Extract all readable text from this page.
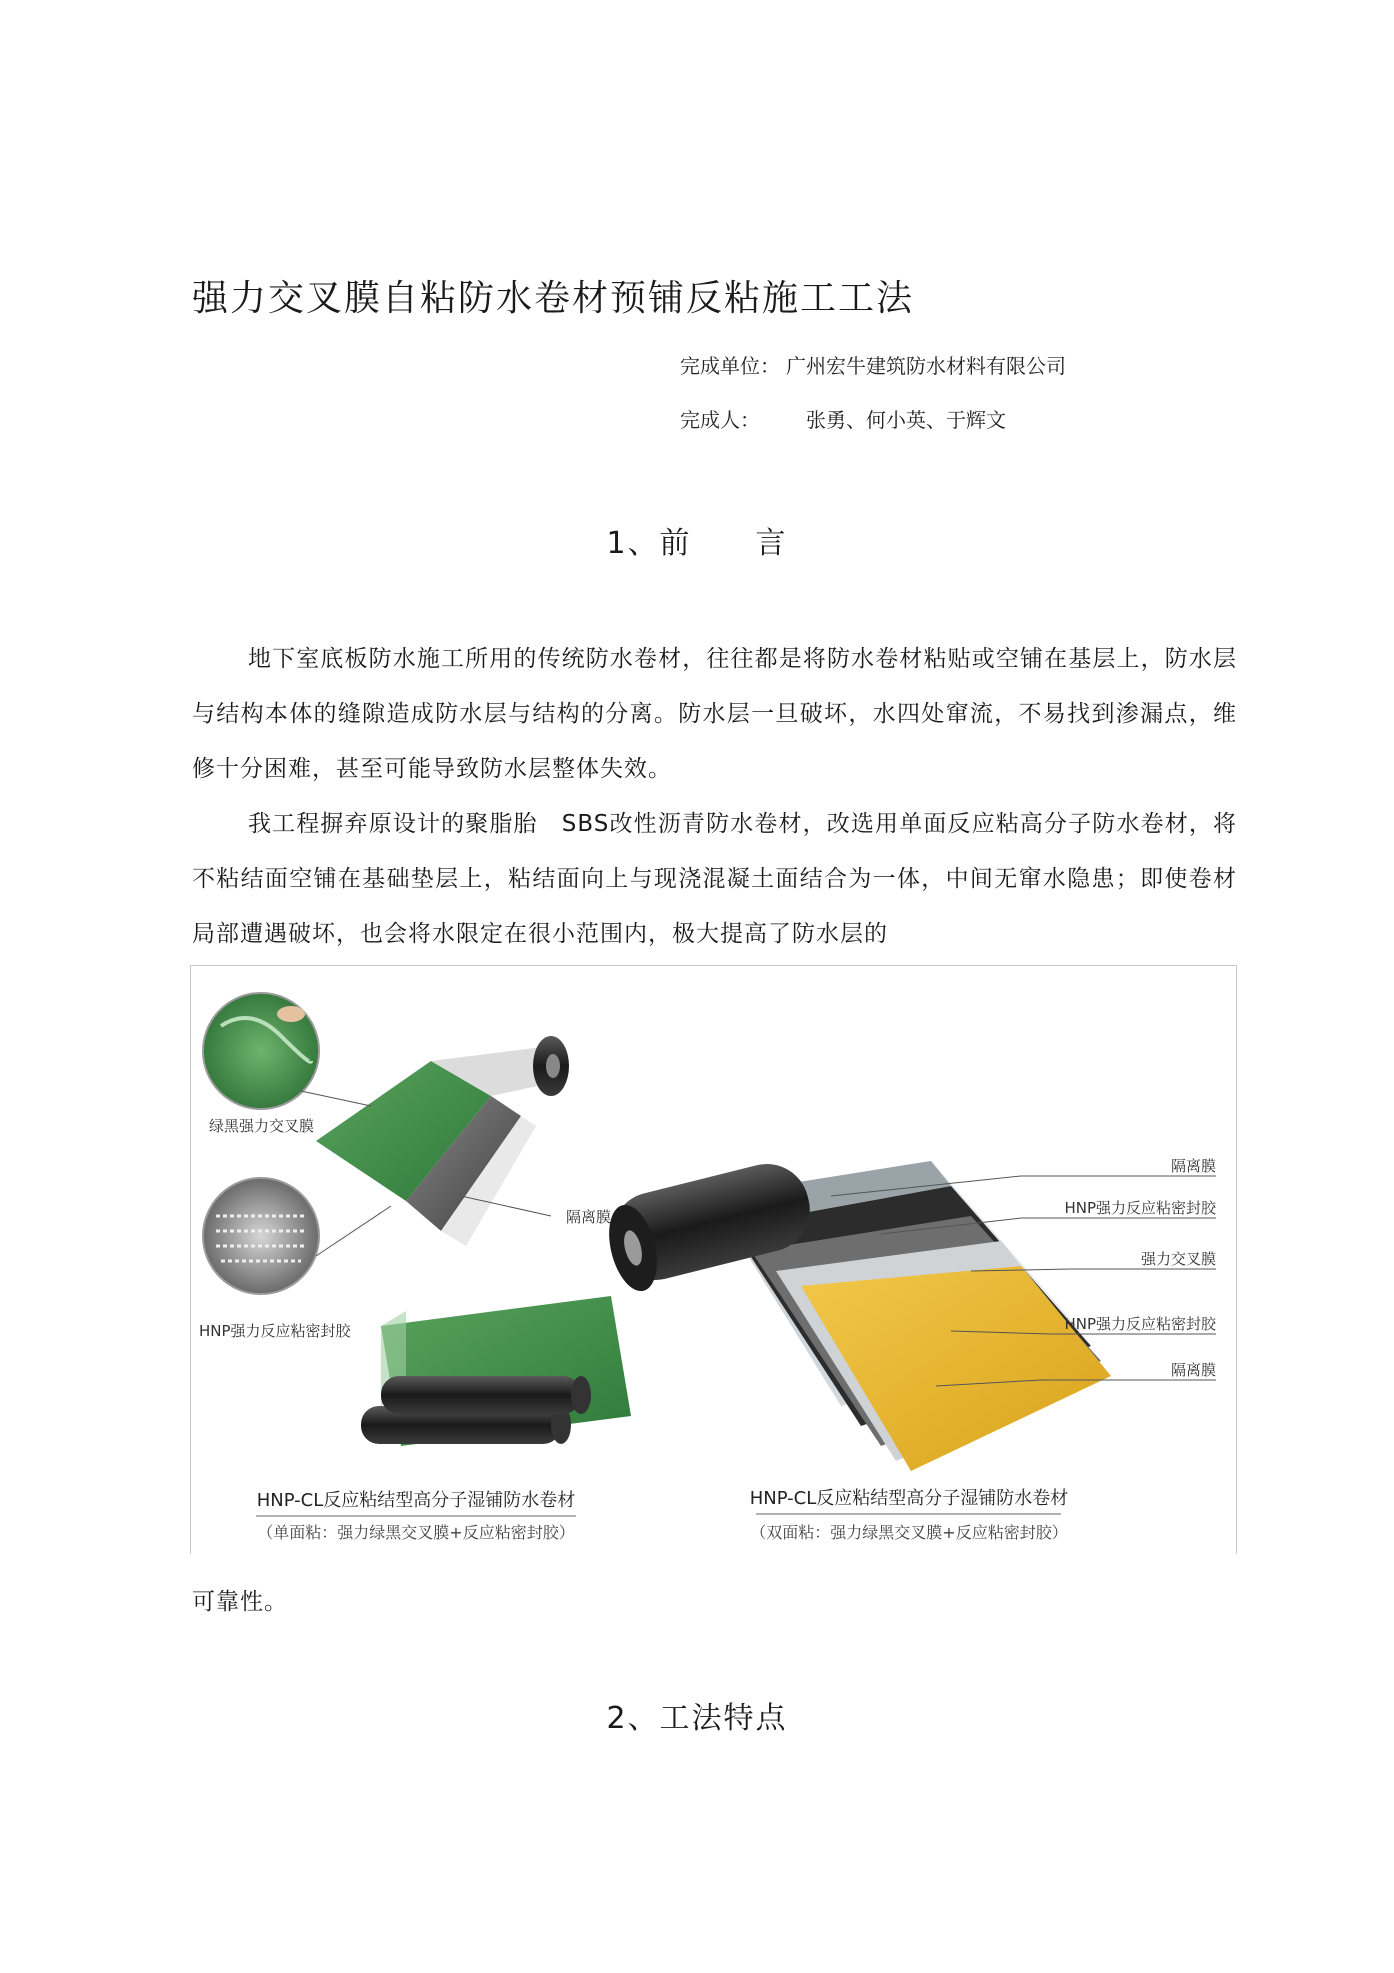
强力交叉膜自粘防水卷材预铺反粘施工工法
完成单位： 广州宏牛建筑防水材料有限公司
完成人： 张勇、何小英、于辉文
1、前　　言
地下室底板防水施工所用的传统防水卷材，往往都是将防水卷材粘贴或空铺在基层上，防水层与结构本体的缝隙造成防水层与结构的分离。防水层一旦破坏，水四处窜流，不易找到渗漏点，维修十分困难，甚至可能导致防水层整体失效。
我工程摒弃原设计的聚脂胎　SBS改性沥青防水卷材，改选用单面反应粘高分子防水卷材，将不粘结面空铺在基础垫层上，粘结面向上与现浇混凝土面结合为一体，中间无窜水隐患；即使卷材局部遭遇破坏，也会将水限定在很小范围内，极大提高了防水层的
绿黑强力交叉膜
隔离膜
HNP强力反应粘密封胶
隔离膜
HNP强力反应粘密封胶
强力交叉膜
HNP强力反应粘密封胶
隔离膜
HNP-CL反应粘结型高分子湿铺防水卷材
（单面粘：强力绿黑交叉膜+反应粘密封胶）
HNP-CL反应粘结型高分子湿铺防水卷材
（双面粘：强力绿黑交叉膜+反应粘密封胶）
可靠性。
2、工法特点
